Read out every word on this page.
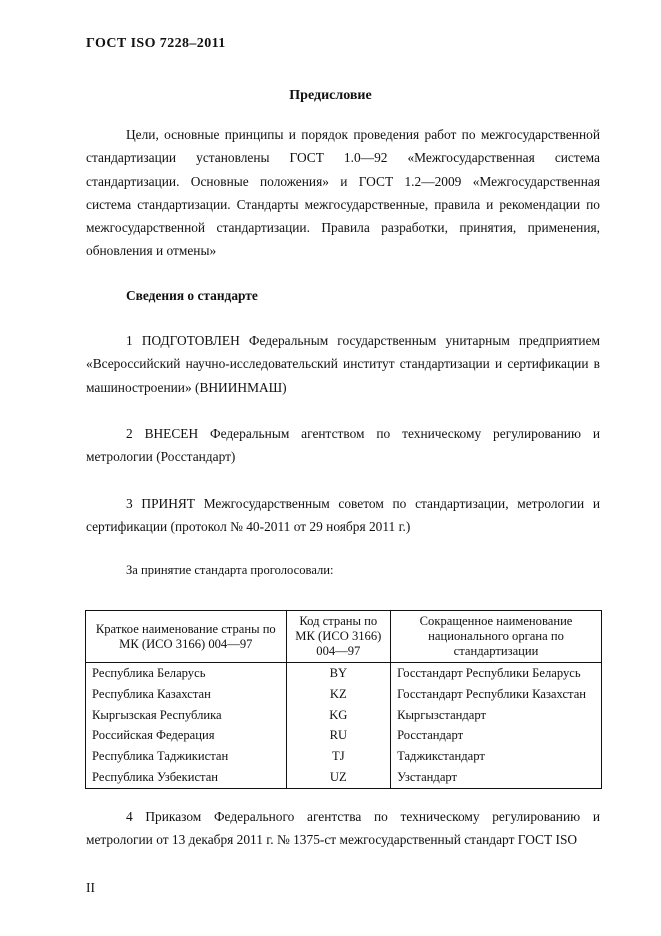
ГОСТ ISO 7228–2011
Предисловие

Цели, основные принципы и порядок проведения работ по межгосударственной стандартизации установлены ГОСТ 1.0—92 «Межгосударственная система стандартизации. Основные положения» и ГОСТ 1.2—2009 «Межгосударственная система стандартизации. Стандарты межгосударственные, правила и рекомендации по межгосударственной стандартизации. Правила разработки, принятия, применения, обновления и отмены»

Сведения о стандарте

1 ПОДГОТОВЛЕН Федеральным государственным унитарным предприятием «Всероссийский научно-исследовательский институт стандартизации и сертификации в машиностроении» (ВНИИНМАШ)

2 ВНЕСЕН Федеральным агентством по техническому регулированию и метрологии (Росстандарт)

3 ПРИНЯТ Межгосударственным советом по стандартизации, метрологии и сертификации (протокол № 40-2011 от 29 ноября 2011 г.)

За принятие стандарта проголосовали:
Краткое наименование страны по МК (ИСО 3166) 004—97	Код страны по МК (ИСО 3166) 004—97	Сокращенное наименование национального органа по стандартизации
Республика Беларусь	BY	Госстандарт Республики Беларусь
Республика Казахстан	KZ	Госстандарт Республики Казахстан
Кыргызская Республика	KG	Кыргызстандарт
Российская Федерация	RU	Росстандарт
Республика Таджикистан	TJ	Таджикстандарт
Республика Узбекистан	UZ	Узстандарт

4 Приказом Федерального агентства по техническому регулированию и метрологии от 13 декабря 2011 г. № 1375-ст межгосударственный стандарт ГОСТ ISO

II
